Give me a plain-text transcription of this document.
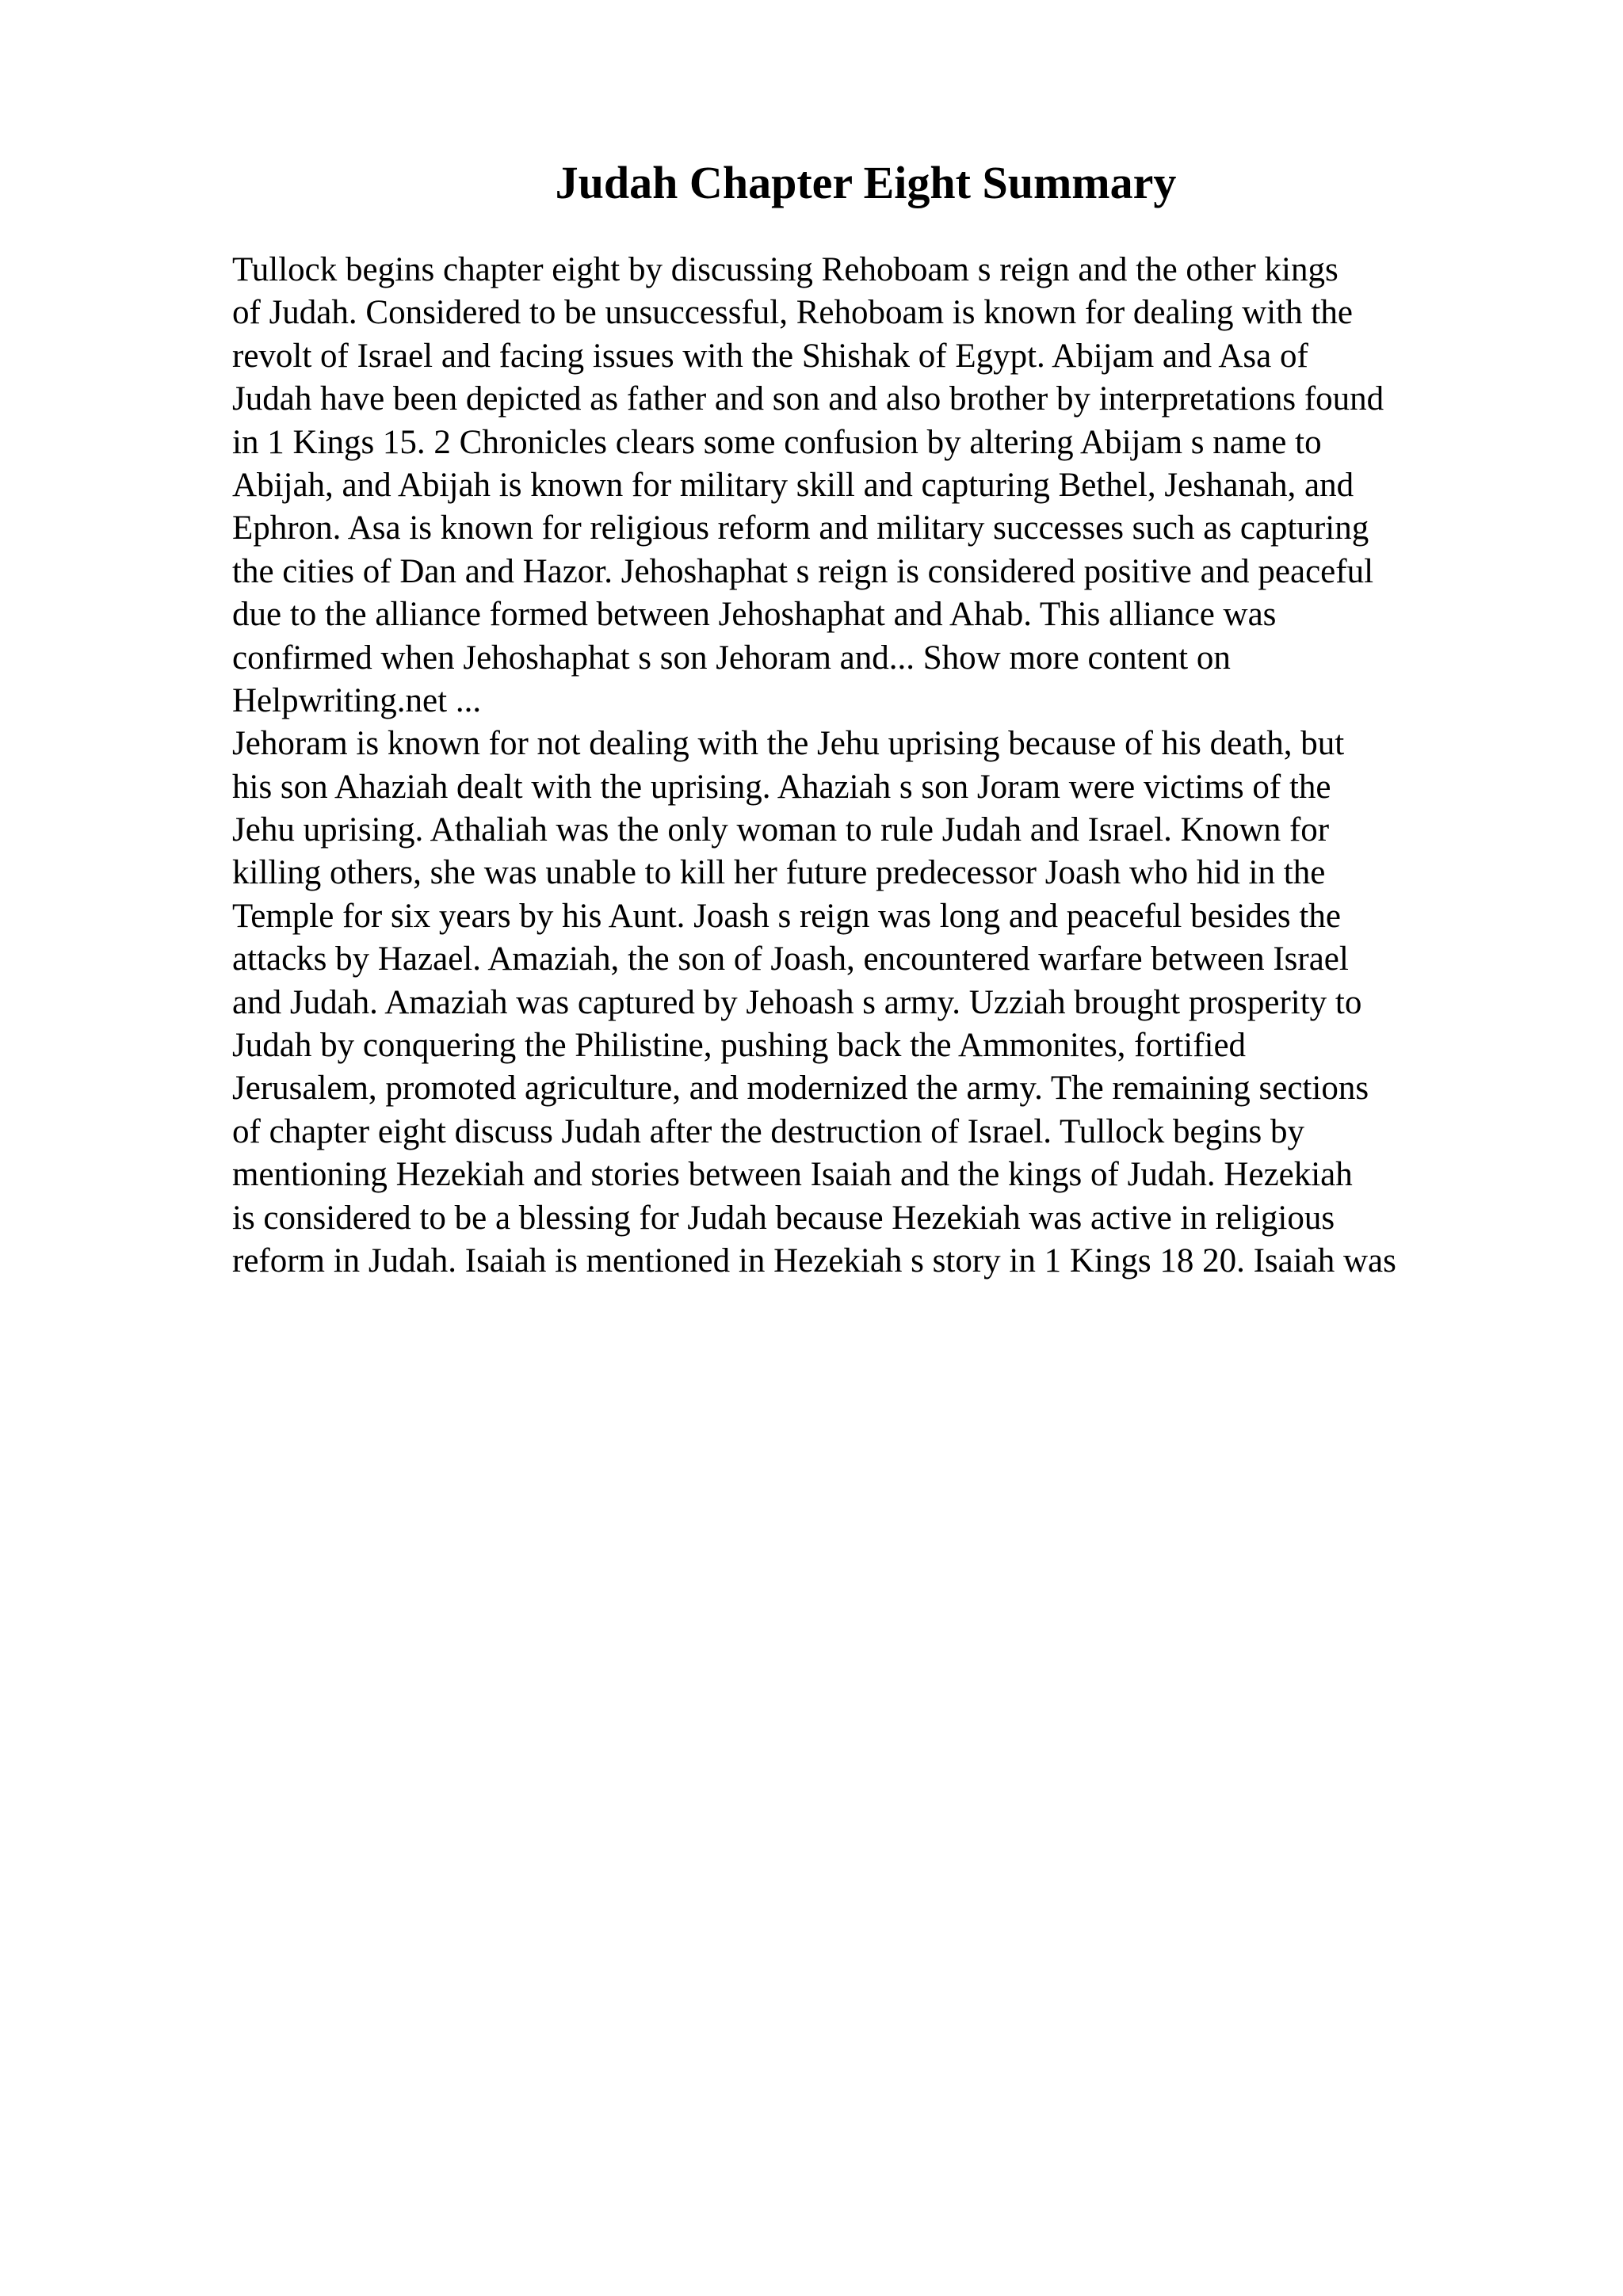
Judah Chapter Eight Summary
Tullock begins chapter eight by discussing Rehoboam s reign and the other kings
of Judah. Considered to be unsuccessful, Rehoboam is known for dealing with the
revolt of Israel and facing issues with the Shishak of Egypt. Abijam and Asa of
Judah have been depicted as father and son and also brother by interpretations found
in 1 Kings 15. 2 Chronicles clears some confusion by altering Abijam s name to
Abijah, and Abijah is known for military skill and capturing Bethel, Jeshanah, and
Ephron. Asa is known for religious reform and military successes such as capturing
the cities of Dan and Hazor. Jehoshaphat s reign is considered positive and peaceful
due to the alliance formed between Jehoshaphat and Ahab. This alliance was
confirmed when Jehoshaphat s son Jehoram and... Show more content on
Helpwriting.net ...
Jehoram is known for not dealing with the Jehu uprising because of his death, but
his son Ahaziah dealt with the uprising. Ahaziah s son Joram were victims of the
Jehu uprising. Athaliah was the only woman to rule Judah and Israel. Known for
killing others, she was unable to kill her future predecessor Joash who hid in the
Temple for six years by his Aunt. Joash s reign was long and peaceful besides the
attacks by Hazael. Amaziah, the son of Joash, encountered warfare between Israel
and Judah. Amaziah was captured by Jehoash s army. Uzziah brought prosperity to
Judah by conquering the Philistine, pushing back the Ammonites, fortified
Jerusalem, promoted agriculture, and modernized the army. The remaining sections
of chapter eight discuss Judah after the destruction of Israel. Tullock begins by
mentioning Hezekiah and stories between Isaiah and the kings of Judah. Hezekiah
is considered to be a blessing for Judah because Hezekiah was active in religious
reform in Judah. Isaiah is mentioned in Hezekiah s story in 1 Kings 18 20. Isaiah was
